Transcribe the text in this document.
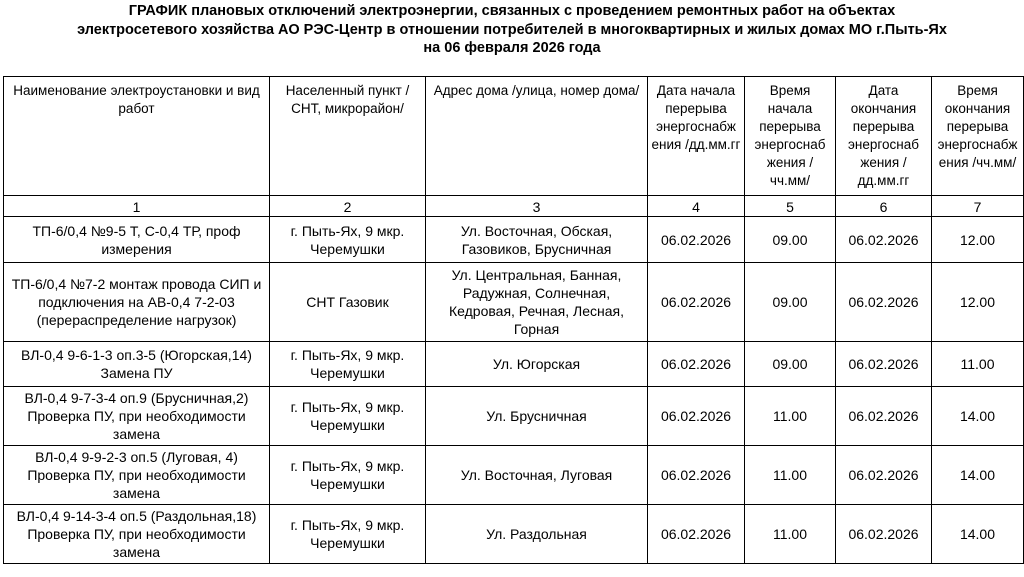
ГРАФИК плановых отключений электроэнергии, связанных с проведением ремонтных работ на объектах
электросетевого хозяйства АО РЭС-Центр в отношении потребителей в многоквартирных и жилых домах МО г.Пыть-Ях
на 06 февраля 2026 года
Наименование электроустановки и вид работ	Населенный пункт /СНТ, микрорайон/	Адрес дома /улица, номер дома/	Дата начала перерыва энергоснабж ения /дд.мм.гг	Время начала перерыва энергоснаб жения /чч.мм/	Дата окончания перерыва энергоснаб жения /дд.мм.гг	Время окончания перерыва энергоснабж ения /чч.мм/
1	2	3	4	5	6	7
ТП-6/0,4 №9-5 Т, С-0,4 ТР, проф измерения	г. Пыть-Ях, 9 мкр. Черемушки	Ул. Восточная, Обская, Газовиков, Брусничная	06.02.2026	09.00	06.02.2026	12.00
ТП-6/0,4 №7-2 монтаж провода СИП и подключения на АВ-0,4 7-2-03 (перераспределение нагрузок)	СНТ Газовик	Ул. Центральная, Банная, Радужная, Солнечная, Кедровая, Речная, Лесная, Горная	06.02.2026	09.00	06.02.2026	12.00
ВЛ-0,4 9-6-1-3 оп.3-5 (Югорская,14) Замена ПУ	г. Пыть-Ях, 9 мкр. Черемушки	Ул. Югорская	06.02.2026	09.00	06.02.2026	11.00
ВЛ-0,4 9-7-3-4 оп.9 (Брусничная,2) Проверка ПУ, при необходимости замена	г. Пыть-Ях, 9 мкр. Черемушки	Ул. Брусничная	06.02.2026	11.00	06.02.2026	14.00
ВЛ-0,4 9-9-2-3 оп.5 (Луговая, 4) Проверка ПУ, при необходимости замена	г. Пыть-Ях, 9 мкр. Черемушки	Ул. Восточная, Луговая	06.02.2026	11.00	06.02.2026	14.00
ВЛ-0,4 9-14-3-4 оп.5 (Раздольная,18) Проверка ПУ, при необходимости замена	г. Пыть-Ях, 9 мкр. Черемушки	Ул. Раздольная	06.02.2026	11.00	06.02.2026	14.00
